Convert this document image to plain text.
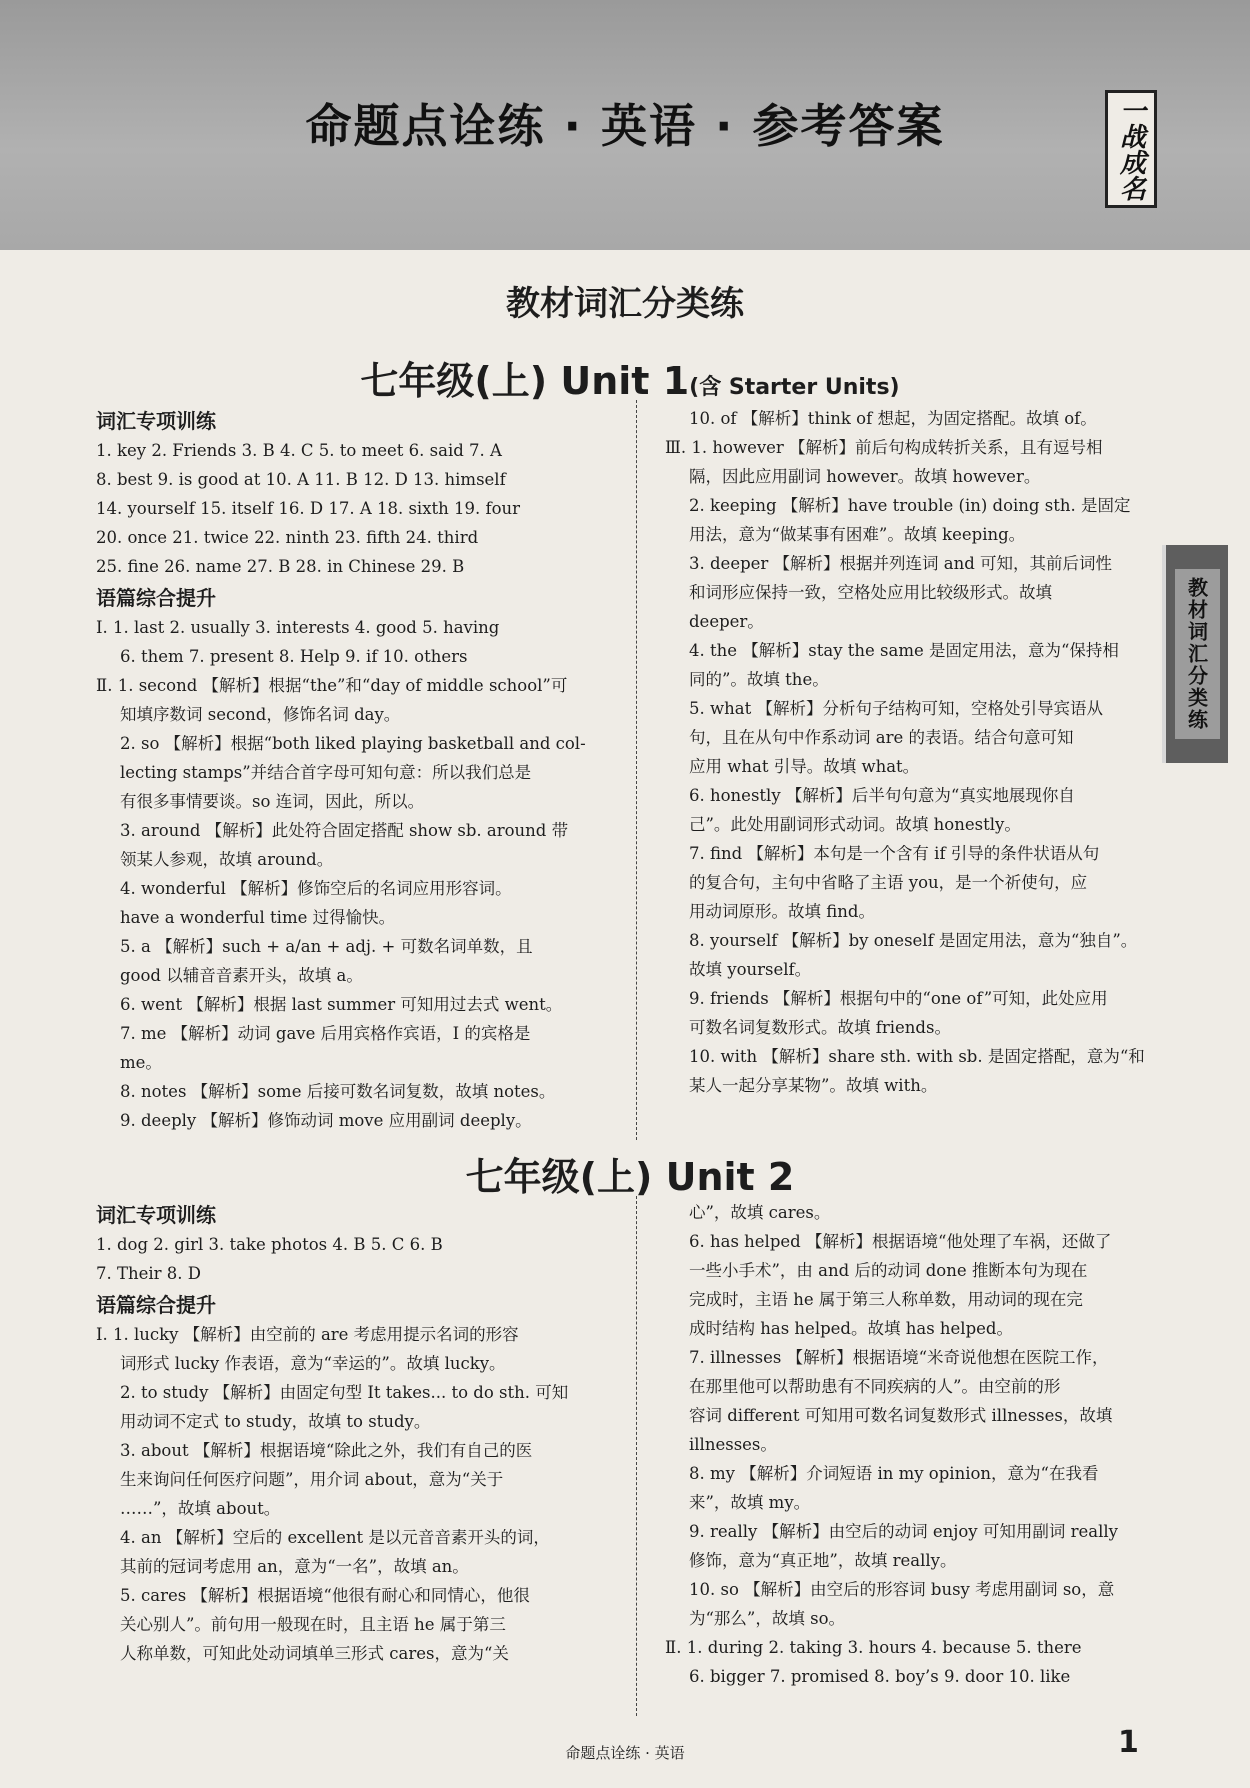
命题点诠练 · 英语 · 参考答案	一战成名
教材词汇分类练
七年级(上) Unit 1(含 Starter Units)
教材词汇分类练
词汇专项训练
1. key 2. Friends 3. B 4. C 5. to meet 6. said 7. A
8. best 9. is good at 10. A 11. B 12. D 13. himself
14. yourself 15. itself 16. D 17. A 18. sixth 19. four
20. once 21. twice 22. ninth 23. fifth 24. third
25. fine 26. name 27. B 28. in Chinese 29. B
语篇综合提升
Ⅰ. 1. last 2. usually 3. interests 4. good 5. having
6. them 7. present 8. Help 9. if 10. others
Ⅱ. 1. second 【解析】根据“the”和“day of middle school”可
知填序数词 second，修饰名词 day。
2. so 【解析】根据“both liked playing basketball and col-
lecting stamps”并结合首字母可知句意：所以我们总是
有很多事情要谈。so 连词，因此，所以。
3. around 【解析】此处符合固定搭配 show sb. around 带
领某人参观，故填 around。
4. wonderful 【解析】修饰空后的名词应用形容词。
have a wonderful time 过得愉快。
5. a 【解析】such + a/an + adj. + 可数名词单数，且
good 以辅音音素开头，故填 a。
6. went 【解析】根据 last summer 可知用过去式 went。
7. me 【解析】动词 gave 后用宾格作宾语，I 的宾格是
me。
8. notes 【解析】some 后接可数名词复数，故填 notes。
9. deeply 【解析】修饰动词 move 应用副词 deeply。
10. of 【解析】think of 想起，为固定搭配。故填 of。
Ⅲ. 1. however 【解析】前后句构成转折关系，且有逗号相
隔，因此应用副词 however。故填 however。
2. keeping 【解析】have trouble (in) doing sth. 是固定
用法，意为“做某事有困难”。故填 keeping。
3. deeper 【解析】根据并列连词 and 可知，其前后词性
和词形应保持一致，空格处应用比较级形式。故填
deeper。
4. the 【解析】stay the same 是固定用法，意为“保持相
同的”。故填 the。
5. what 【解析】分析句子结构可知，空格处引导宾语从
句，且在从句中作系动词 are 的表语。结合句意可知
应用 what 引导。故填 what。
6. honestly 【解析】后半句句意为“真实地展现你自
己”。此处用副词形式动词。故填 honestly。
7. find 【解析】本句是一个含有 if 引导的条件状语从句
的复合句，主句中省略了主语 you，是一个祈使句，应
用动词原形。故填 find。
8. yourself 【解析】by oneself 是固定用法，意为“独自”。
故填 yourself。
9. friends 【解析】根据句中的“one of”可知，此处应用
可数名词复数形式。故填 friends。
10. with 【解析】share sth. with sb. 是固定搭配，意为“和
某人一起分享某物”。故填 with。
七年级(上) Unit 2
词汇专项训练
1. dog 2. girl 3. take photos 4. B 5. C 6. B
7. Their 8. D
语篇综合提升
Ⅰ. 1. lucky 【解析】由空前的 are 考虑用提示名词的形容
词形式 lucky 作表语，意为“幸运的”。故填 lucky。
2. to study 【解析】由固定句型 It takes... to do sth. 可知
用动词不定式 to study，故填 to study。
3. about 【解析】根据语境“除此之外，我们有自己的医
生来询问任何医疗问题”，用介词 about，意为“关于
……”，故填 about。
4. an 【解析】空后的 excellent 是以元音音素开头的词，
其前的冠词考虑用 an，意为“一名”，故填 an。
5. cares 【解析】根据语境“他很有耐心和同情心，他很
关心别人”。前句用一般现在时，且主语 he 属于第三
人称单数，可知此处动词填单三形式 cares，意为“关
心”，故填 cares。
6. has helped 【解析】根据语境“他处理了车祸，还做了
一些小手术”，由 and 后的动词 done 推断本句为现在
完成时，主语 he 属于第三人称单数，用动词的现在完
成时结构 has helped。故填 has helped。
7. illnesses 【解析】根据语境“米奇说他想在医院工作，
在那里他可以帮助患有不同疾病的人”。由空前的形
容词 different 可知用可数名词复数形式 illnesses，故填
illnesses。
8. my 【解析】介词短语 in my opinion，意为“在我看
来”，故填 my。
9. really 【解析】由空后的动词 enjoy 可知用副词 really
修饰，意为“真正地”，故填 really。
10. so 【解析】由空后的形容词 busy 考虑用副词 so，意
为“那么”，故填 so。
Ⅱ. 1. during 2. taking 3. hours 4. because 5. there
6. bigger 7. promised 8. boy’s 9. door 10. like
命题点诠练 · 英语	1
